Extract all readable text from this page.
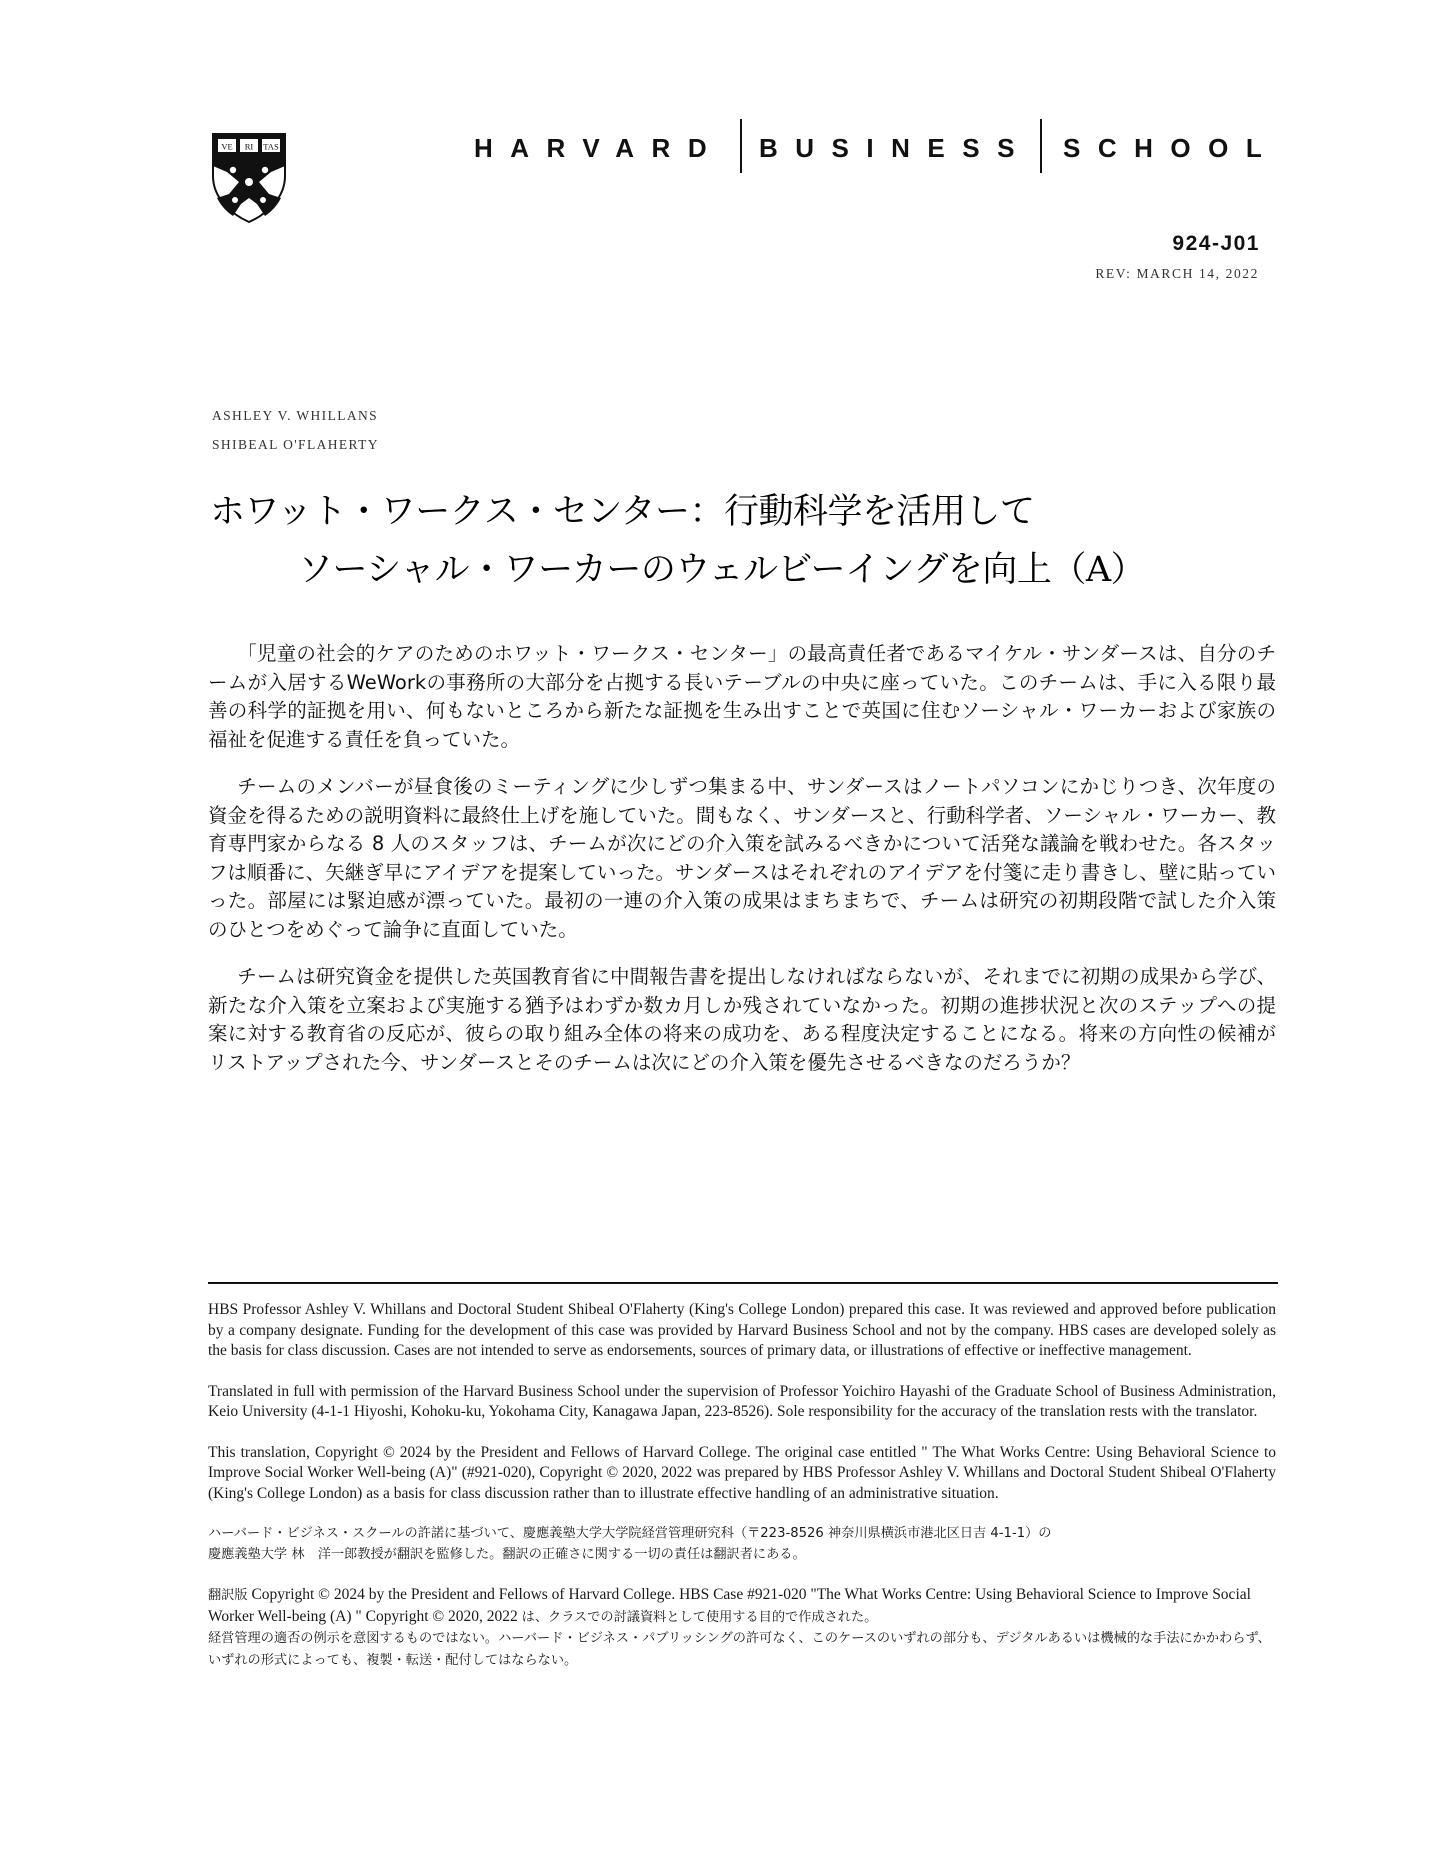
VE RI TAS	HARVARD BUSINESS SCHOOL
924-J01
REV: MARCH 14, 2022
ASHLEY V. WHILLANS
SHIBEAL O'FLAHERTY
ホワット・ワークス・センター：行動科学を活用して
ソーシャル・ワーカーのウェルビーイングを向上（A）

「児童の社会的ケアのためのホワット・ワークス・センター」の最高責任者であるマイケル・サンダースは、自分のチームが入居するWeWorkの事務所の大部分を占拠する長いテーブルの中央に座っていた。このチームは、手に入る限り最善の科学的証拠を用い、何もないところから新たな証拠を生み出すことで英国に住むソーシャル・ワーカーおよび家族の福祉を促進する責任を負っていた。

チームのメンバーが昼食後のミーティングに少しずつ集まる中、サンダースはノートパソコンにかじりつき、次年度の資金を得るための説明資料に最終仕上げを施していた。間もなく、サンダースと、行動科学者、ソーシャル・ワーカー、教育専門家からなる 8 人のスタッフは、チームが次にどの介入策を試みるべきかについて活発な議論を戦わせた。各スタッフは順番に、矢継ぎ早にアイデアを提案していった。サンダースはそれぞれのアイデアを付箋に走り書きし、壁に貼っていった。部屋には緊迫感が漂っていた。最初の一連の介入策の成果はまちまちで、チームは研究の初期段階で試した介入策のひとつをめぐって論争に直面していた。

チームは研究資金を提供した英国教育省に中間報告書を提出しなければならないが、それまでに初期の成果から学び、新たな介入策を立案および実施する猶予はわずか数カ月しか残されていなかった。初期の進捗状況と次のステップへの提案に対する教育省の反応が、彼らの取り組み全体の将来の成功を、ある程度決定することになる。将来の方向性の候補がリストアップされた今、サンダースとそのチームは次にどの介入策を優先させるべきなのだろうか？

HBS Professor Ashley V. Whillans and Doctoral Student Shibeal O'Flaherty (King's College London) prepared this case. It was reviewed and approved before publication by a company designate. Funding for the development of this case was provided by Harvard Business School and not by the company. HBS cases are developed solely as the basis for class discussion. Cases are not intended to serve as endorsements, sources of primary data, or illustrations of effective or ineffective management.

Translated in full with permission of the Harvard Business School under the supervision of Professor Yoichiro Hayashi of the Graduate School of Business Administration, Keio University (4-1-1 Hiyoshi, Kohoku-ku, Yokohama City, Kanagawa Japan, 223-8526). Sole responsibility for the accuracy of the translation rests with the translator.

This translation, Copyright © 2024 by the President and Fellows of Harvard College. The original case entitled " The What Works Centre: Using Behavioral Science to Improve Social Worker Well-being (A)" (#921-020), Copyright © 2020, 2022 was prepared by HBS Professor Ashley V. Whillans and Doctoral Student Shibeal O'Flaherty (King's College London) as a basis for class discussion rather than to illustrate effective handling of an administrative situation.

ハーバード・ビジネス・スクールの許諾に基づいて、慶應義塾大学大学院経営管理研究科（〒223-8526 神奈川県横浜市港北区日吉 4-1-1）の
慶應義塾大学 林　洋一郎教授が翻訳を監修した。翻訳の正確さに関する一切の責任は翻訳者にある。

翻訳版 Copyright © 2024 by the President and Fellows of Harvard College. HBS Case #921-020 "The What Works Centre: Using Behavioral Science to Improve Social Worker Well-being (A) " Copyright © 2020, 2022 は、クラスでの討議資料として使用する目的で作成された。
経営管理の適否の例示を意図するものではない。ハーバード・ビジネス・パブリッシングの許可なく、このケースのいずれの部分も、デジタルあるいは機械的な手法にかかわらず、いずれの形式によっても、複製・転送・配付してはならない。
